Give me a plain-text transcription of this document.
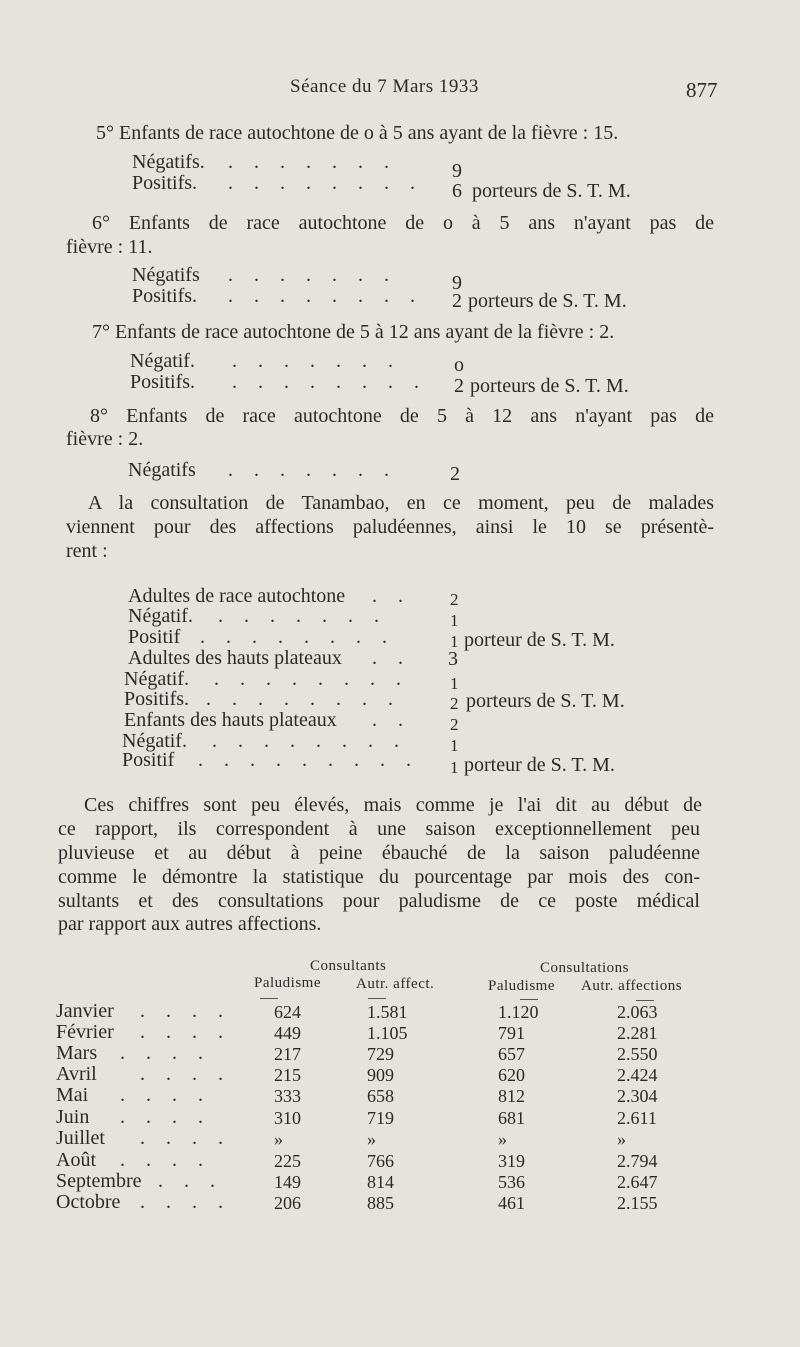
Séance du 7 Mars 1933	877
5° Enfants de race autochtone de o à 5 ans ayant de la fièvre : 15.
Négatifs. . . . . . . .	9
Positifs. . . . . . . . . 6 porteurs de S. T. M.
6° Enfants de race autochtone de o à 5 ans n'ayant pas de
fièvre : 11.
Négatifs . . . . . . .	9
Positifs. . . . . . . . . 2 porteurs de S. T. M.
7° Enfants de race autochtone de 5 à 12 ans ayant de la fièvre : 2.
Négatif. . . . . . . .	o
Positifs. . . . . . . . . 2 porteurs de S. T. M.
8° Enfants de race autochtone de 5 à 12 ans n'ayant pas de
fièvre : 2.
Négatifs . . . . . . .	2
A la consultation de Tanambao, en ce moment, peu de malades
viennent pour des affections paludéennes, ainsi le 10 se présentè-
rent :
Adultes de race autochtone . . 2
Négatif. . . . . . . .	1
Positif . . . . . . . .	1 porteur de S. T. M.
Adultes des hauts plateaux . . 3
Négatif. . . . . . . . . 1
Positifs. . . . . . . . .	2 porteurs de S. T. M.
Enfants des hauts plateaux . . 2
Négatif. . . . . . . . .	1
Positif . . . . . . . . . 1 porteur de S. T. M.
Ces chiffres sont peu élevés, mais comme je l'ai dit au début de
ce rapport, ils correspondent à une saison exceptionnellement peu
pluvieuse et au début à peine ébauché de la saison paludéenne
comme le démontre la statistique du pourcentage par mois des con-
sultants et des consultations pour paludisme de ce poste médical
par rapport aux autres affections.
Consultants	Consultations
Paludisme Autr. affect.	Paludisme Autr. affections
Janvier . . . . 624	1.581	1.120	2.063
Février . . . . 449	1.105	791	2.281
Mars . . . .	217	729	657	2.550
Avril . . . . 215	909	620	2.424
Mai . . . .	333	658	812	2.304
Juin . . . .	310	719	681	2.611
Juillet . . . . »	»	»	»
Août . . . .	225	766	319	2.794
Septembre . . .	149	814	536	2.647
Octobre . . . . 206	885	461	2.155
